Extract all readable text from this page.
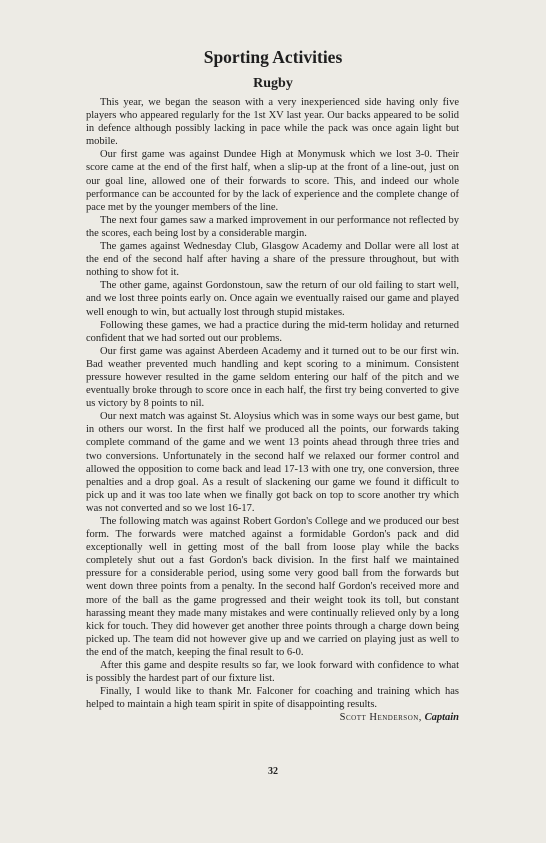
Sporting Activities
Rugby

This year, we began the season with a very inexperienced side having only five players who appeared regularly for the 1st XV last year. Our backs appeared to be solid in defence although possibly lacking in pace while the pack was once again light but mobile.

Our first game was against Dundee High at Monymusk which we lost 3-0. Their score came at the end of the first half, when a slip-up at the front of a line-out, just on our goal line, allowed one of their forwards to score. This, and indeed our whole performance can be accounted for by the lack of experience and the complete change of pace met by the younger members of the line.

The next four games saw a marked improvement in our performance not reflected by the scores, each being lost by a considerable margin.

The games against Wednesday Club, Glasgow Academy and Dollar were all lost at the end of the second half after having a share of the pressure throughout, but with nothing to show fot it.

The other game, against Gordonstoun, saw the return of our old failing to start well, and we lost three points early on. Once again we eventually raised our game and played well enough to win, but actually lost through stupid mistakes.

Following these games, we had a practice during the mid-term holiday and returned confident that we had sorted out our problems.

Our first game was against Aberdeen Academy and it turned out to be our first win. Bad weather prevented much handling and kept scoring to a minimum. Consistent pressure however resulted in the game seldom entering our half of the pitch and we eventually broke through to score once in each half, the first try being converted to give us victory by 8 points to nil.

Our next match was against St. Aloysius which was in some ways our best game, but in others our worst. In the first half we produced all the points, our forwards taking complete command of the game and we went 13 points ahead through three tries and two conversions. Unfortunately in the second half we relaxed our former control and allowed the opposition to come back and lead 17-13 with one try, one conversion, three penalties and a drop goal. As a result of slackening our game we found it difficult to pick up and it was too late when we finally got back on top to score another try which was not converted and so we lost 16-17.

The following match was against Robert Gordon's College and we produced our best form. The forwards were matched against a formidable Gordon's pack and did exceptionally well in getting most of the ball from loose play while the backs completely shut out a fast Gordon's back division. In the first half we maintained pressure for a considerable period, using some very good ball from the forwards but went down three points from a penalty. In the second half Gordon's received more and more of the ball as the game progressed and their weight took its toll, but constant harassing meant they made many mistakes and were continually relieved only by a long kick for touch. They did however get another three points through a charge down being picked up. The team did not however give up and we carried on playing just as well to the end of the match, keeping the final result to 6-0.

After this game and despite results so far, we look forward with confidence to what is possibly the hardest part of our fixture list.

Finally, I would like to thank Mr. Falconer for coaching and training which has helped to maintain a high team spirit in spite of disappointing results.

Scott Henderson, Captain
32
